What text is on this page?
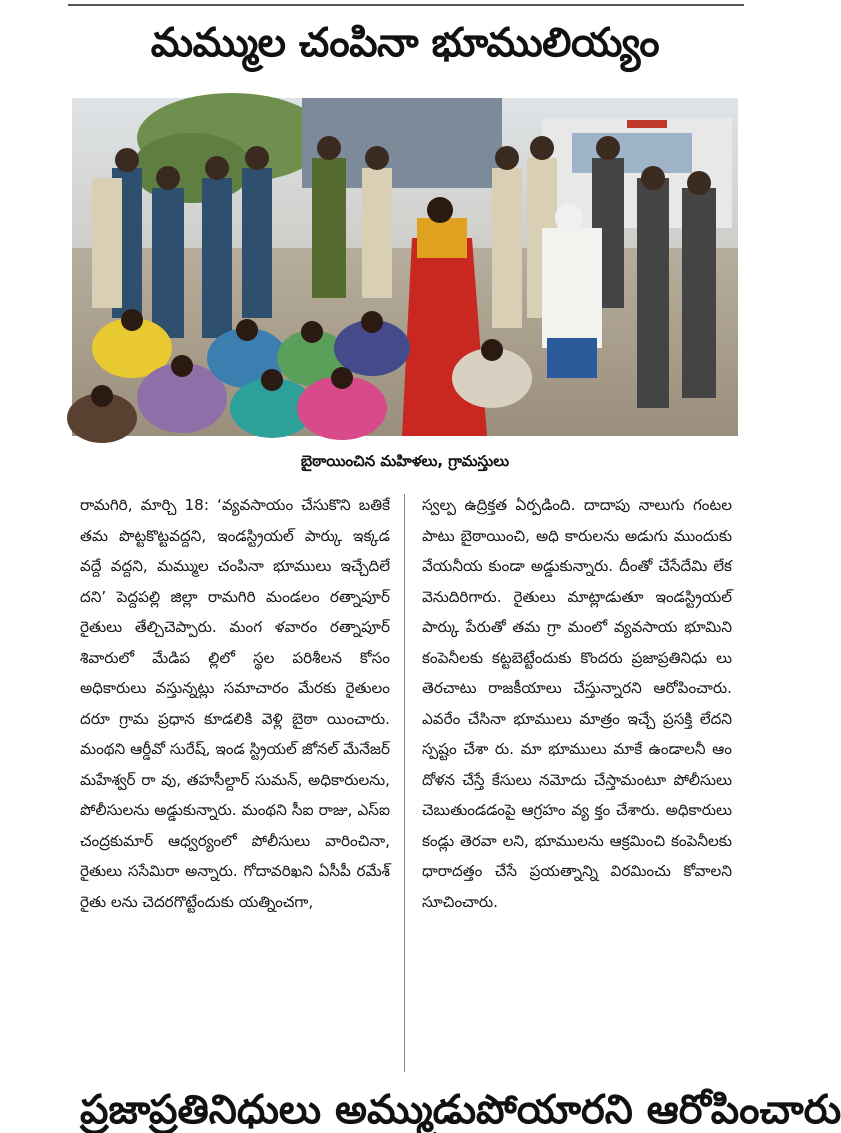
మమ్ముల చంపినా భూములియ్యం
బైఠాయించిన మహిళలు, గ్రామస్తులు

రామగిరి, మార్చి 18: ‘వ్యవసాయం చేసుకొని బతికే తమ పొట్టకొట్టవద్దని, ఇండస్ట్రియల్ పార్కు ఇక్కడ వద్దే వద్దని, మమ్ముల చంపినా భూములు ఇచ్చేదిలే దని’ పెద్దపల్లి జిల్లా రామగిరి మండలం రత్నాపూర్ రైతులు తేల్చిచెప్పారు. మంగ ళవారం రత్నాపూర్ శివారులో మేడిప ల్లిలో స్థల పరిశీలన కోసం అధికారులు వస్తున్నట్లు సమాచారం మేరకు రైతులం దరూ గ్రామ ప్రధాన కూడలికి వెళ్లి బైఠా యించారు. మంథని ఆర్డీవో సురేష్, ఇండ స్ట్రియల్ జోనల్ మేనేజర్ మహేశ్వర్ రా వు, తహసీల్దార్ సుమన్, అధికారులను, పోలీసులను అడ్డుకున్నారు. మంథని సీఐ రాజు, ఎస్ఐ చంద్రకుమార్ ఆధ్వర్యంలో పోలీసులు వారించినా, రైతులు ససేమిరా అన్నారు. గోదావరిఖని ఏసీపీ రమేశ్ రైతు లను చెదరగొట్టేందుకు యత్నించగా,

స్వల్ప ఉద్రిక్తత ఏర్పడింది. దాదాపు నాలుగు గంటల పాటు బైఠాయించి, అధి కారులను అడుగు ముందుకు వేయనీయ కుండా అడ్డుకున్నారు. దీంతో చేసేదేమి లేక వెనుదిరిగారు. రైతులు మాట్లాడుతూ ఇండస్ట్రియల్ పార్కు పేరుతో తమ గ్రా మంలో వ్యవసాయ భూమిని కంపెనీలకు కట్టబెట్టేందుకు కొందరు ప్రజాప్రతినిధు లు తెరచాటు రాజకీయాలు చేస్తున్నారని ఆరోపించారు. ఎవరేం చేసినా భూములు మాత్రం ఇచ్చే ప్రసక్తి లేదని స్పష్టం చేశా రు. మా భూములు మాకే ఉండాలనీ ఆం దోళన చేస్తే కేసులు నమోదు చేస్తామంటూ పోలీసులు చెబుతుండడంపై ఆగ్రహం వ్య క్తం చేశారు. అధికారులు కండ్లు తెరవా లని, భూములను ఆక్రమించి కంపెనీలకు ధారాదత్తం చేసే ప్రయత్నాన్ని విరమించు కోవాలని సూచించారు.

ప్రజాప్రతినిధులు అమ్ముడుపోయారని ఆరోపించారు
